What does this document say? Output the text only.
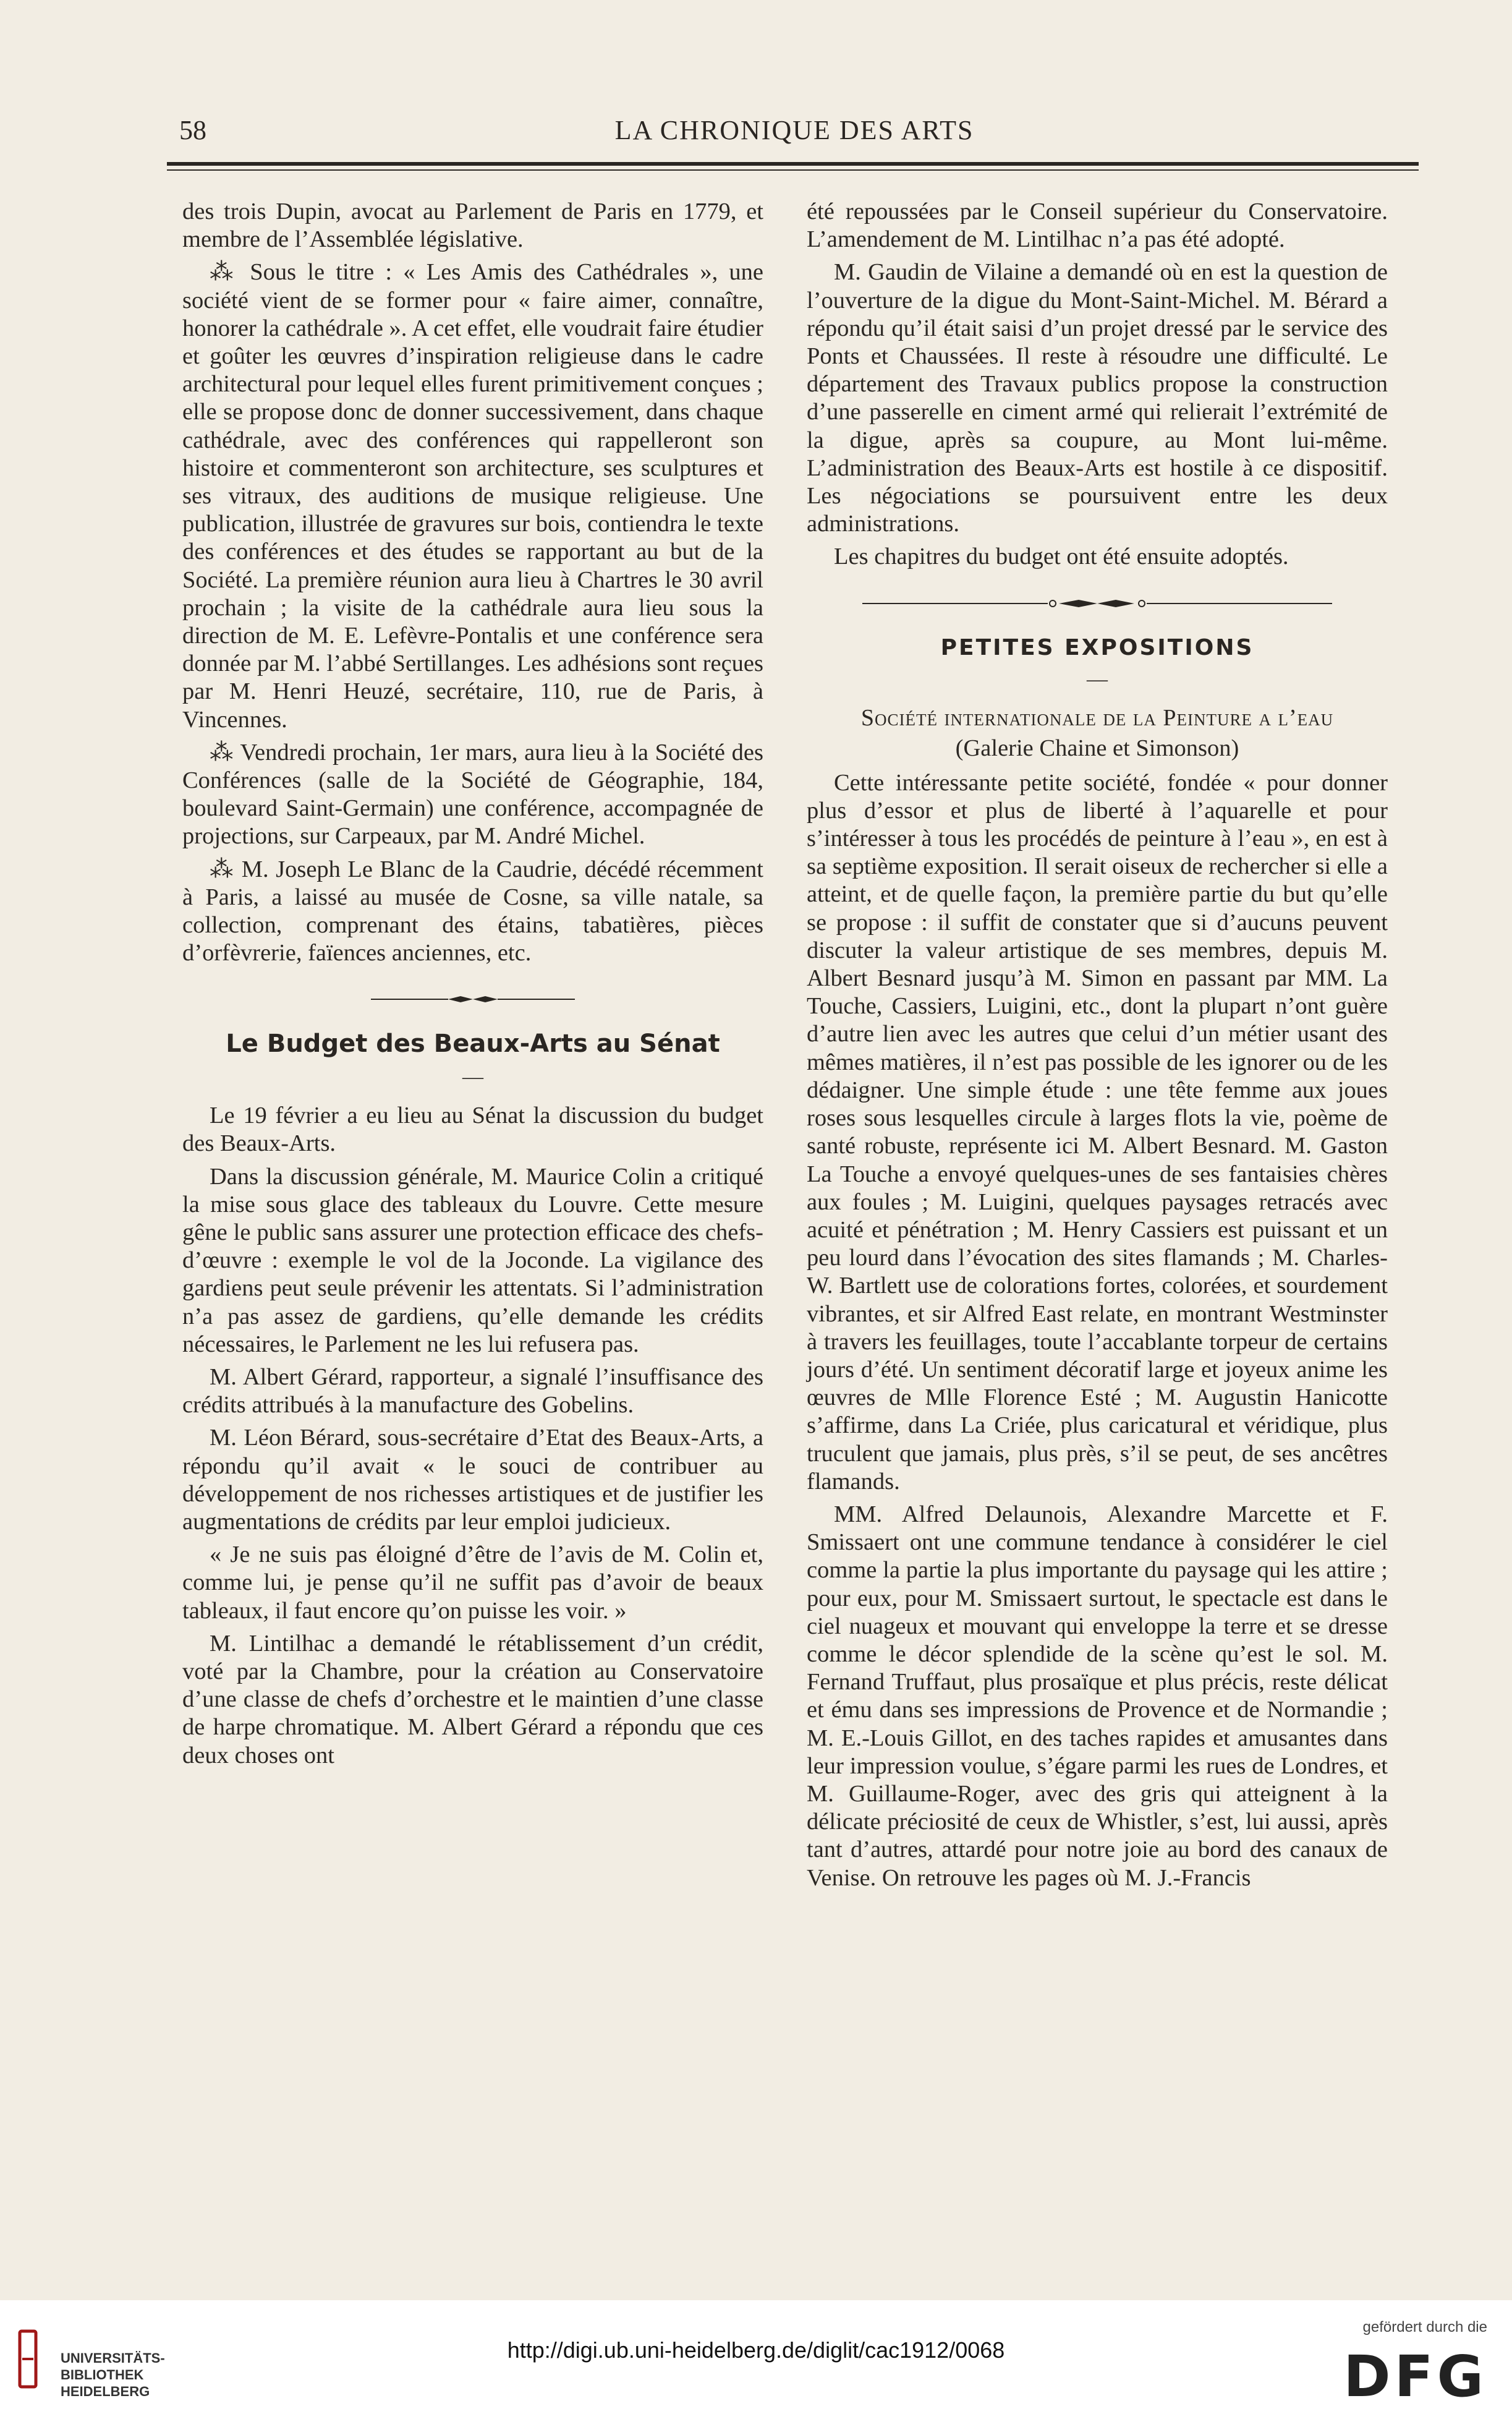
58	LA CHRONIQUE DES ARTS

des trois Dupin, avocat au Parlement de Paris en 1779, et membre de l’Assemblée législative.

⁂ Sous le titre : « Les Amis des Cathédrales », une société vient de se former pour « faire aimer, connaître, honorer la cathédrale ». A cet effet, elle voudrait faire étudier et goûter les œuvres d’inspiration religieuse dans le cadre architectural pour lequel elles furent primitivement conçues ; elle se propose donc de donner successivement, dans chaque cathédrale, avec des conférences qui rappelleront son histoire et commenteront son architecture, ses sculptures et ses vitraux, des auditions de musique religieuse. Une publication, illustrée de gravures sur bois, contiendra le texte des conférences et des études se rapportant au but de la Société. La première réunion aura lieu à Chartres le 30 avril prochain ; la visite de la cathédrale aura lieu sous la direction de M. E. Lefèvre-Pontalis et une conférence sera donnée par M. l’abbé Sertillanges. Les adhésions sont reçues par M. Henri Heuzé, secrétaire, 110, rue de Paris, à Vincennes.

⁂ Vendredi prochain, 1er mars, aura lieu à la Société des Conférences (salle de la Société de Géographie, 184, boulevard Saint-Germain) une conférence, accompagnée de projections, sur Carpeaux, par M. André Michel.

⁂ M. Joseph Le Blanc de la Caudrie, décédé récemment à Paris, a laissé au musée de Cosne, sa ville natale, sa collection, comprenant des étains, tabatières, pièces d’orfèvrerie, faïences anciennes, etc.

Le Budget des Beaux-Arts au Sénat
—

Le 19 février a eu lieu au Sénat la discussion du budget des Beaux-Arts.

Dans la discussion générale, M. Maurice Colin a critiqué la mise sous glace des tableaux du Louvre. Cette mesure gêne le public sans assurer une protection efficace des chefs-d’œuvre : exemple le vol de la Joconde. La vigilance des gardiens peut seule prévenir les attentats. Si l’administration n’a pas assez de gardiens, qu’elle demande les crédits nécessaires, le Parlement ne les lui refusera pas.

M. Albert Gérard, rapporteur, a signalé l’insuffisance des crédits attribués à la manufacture des Gobelins.

M. Léon Bérard, sous-secrétaire d’Etat des Beaux-Arts, a répondu qu’il avait « le souci de contribuer au développement de nos richesses artistiques et de justifier les augmentations de crédits par leur emploi judicieux.

« Je ne suis pas éloigné d’être de l’avis de M. Colin et, comme lui, je pense qu’il ne suffit pas d’avoir de beaux tableaux, il faut encore qu’on puisse les voir. »

M. Lintilhac a demandé le rétablissement d’un crédit, voté par la Chambre, pour la création au Conservatoire d’une classe de chefs d’orchestre et le maintien d’une classe de harpe chromatique. M. Albert Gérard a répondu que ces deux choses ont

été repoussées par le Conseil supérieur du Conservatoire. L’amendement de M. Lintilhac n’a pas été adopté.

M. Gaudin de Vilaine a demandé où en est la question de l’ouverture de la digue du Mont-Saint-Michel. M. Bérard a répondu qu’il était saisi d’un projet dressé par le service des Ponts et Chaussées. Il reste à résoudre une difficulté. Le département des Travaux publics propose la construction d’une passerelle en ciment armé qui relierait l’extrémité de la digue, après sa coupure, au Mont lui-même. L’administration des Beaux-Arts est hostile à ce dispositif. Les négociations se poursuivent entre les deux administrations.

Les chapitres du budget ont été ensuite adoptés.

PETITES EXPOSITIONS
—
Société internationale de la Peinture a l’eau
(Galerie Chaine et Simonson)

Cette intéressante petite société, fondée « pour donner plus d’essor et plus de liberté à l’aquarelle et pour s’intéresser à tous les procédés de peinture à l’eau », en est à sa septième exposition. Il serait oiseux de rechercher si elle a atteint, et de quelle façon, la première partie du but qu’elle se propose : il suffit de constater que si d’aucuns peuvent discuter la valeur artistique de ses membres, depuis M. Albert Besnard jusqu’à M. Simon en passant par MM. La Touche, Cassiers, Luigini, etc., dont la plupart n’ont guère d’autre lien avec les autres que celui d’un métier usant des mêmes matières, il n’est pas possible de les ignorer ou de les dédaigner. Une simple étude : une tête femme aux joues roses sous lesquelles circule à larges flots la vie, poème de santé robuste, représente ici M. Albert Besnard. M. Gaston La Touche a envoyé quelques-unes de ses fantaisies chères aux foules ; M. Luigini, quelques paysages retracés avec acuité et pénétration ; M. Henry Cassiers est puissant et un peu lourd dans l’évocation des sites flamands ; M. Charles-W. Bartlett use de colorations fortes, colorées, et sourdement vibrantes, et sir Alfred East relate, en montrant Westminster à travers les feuillages, toute l’accablante torpeur de certains jours d’été. Un sentiment décoratif large et joyeux anime les œuvres de Mlle Florence Esté ; M. Augustin Hanicotte s’affirme, dans La Criée, plus caricatural et véridique, plus truculent que jamais, plus près, s’il se peut, de ses ancêtres flamands.

MM. Alfred Delaunois, Alexandre Marcette et F. Smissaert ont une commune tendance à considérer le ciel comme la partie la plus importante du paysage qui les attire ; pour eux, pour M. Smissaert surtout, le spectacle est dans le ciel nuageux et mouvant qui enveloppe la terre et se dresse comme le décor splendide de la scène qu’est le sol. M. Fernand Truffaut, plus prosaïque et plus précis, reste délicat et ému dans ses impressions de Provence et de Normandie ; M. E.-Louis Gillot, en des taches rapides et amusantes dans leur impression voulue, s’égare parmi les rues de Londres, et M. Guillaume-Roger, avec des gris qui atteignent à la délicate préciosité de ceux de Whistler, s’est, lui aussi, après tant d’autres, attardé pour notre joie au bord des canaux de Venise. On retrouve les pages où M. J.-Francis

UNIVERSITÄTS-
BIBLIOTHEK
HEIDELBERG
http://digi.ub.uni-heidelberg.de/diglit/cac1912/0068
gefördert durch die
DFG
